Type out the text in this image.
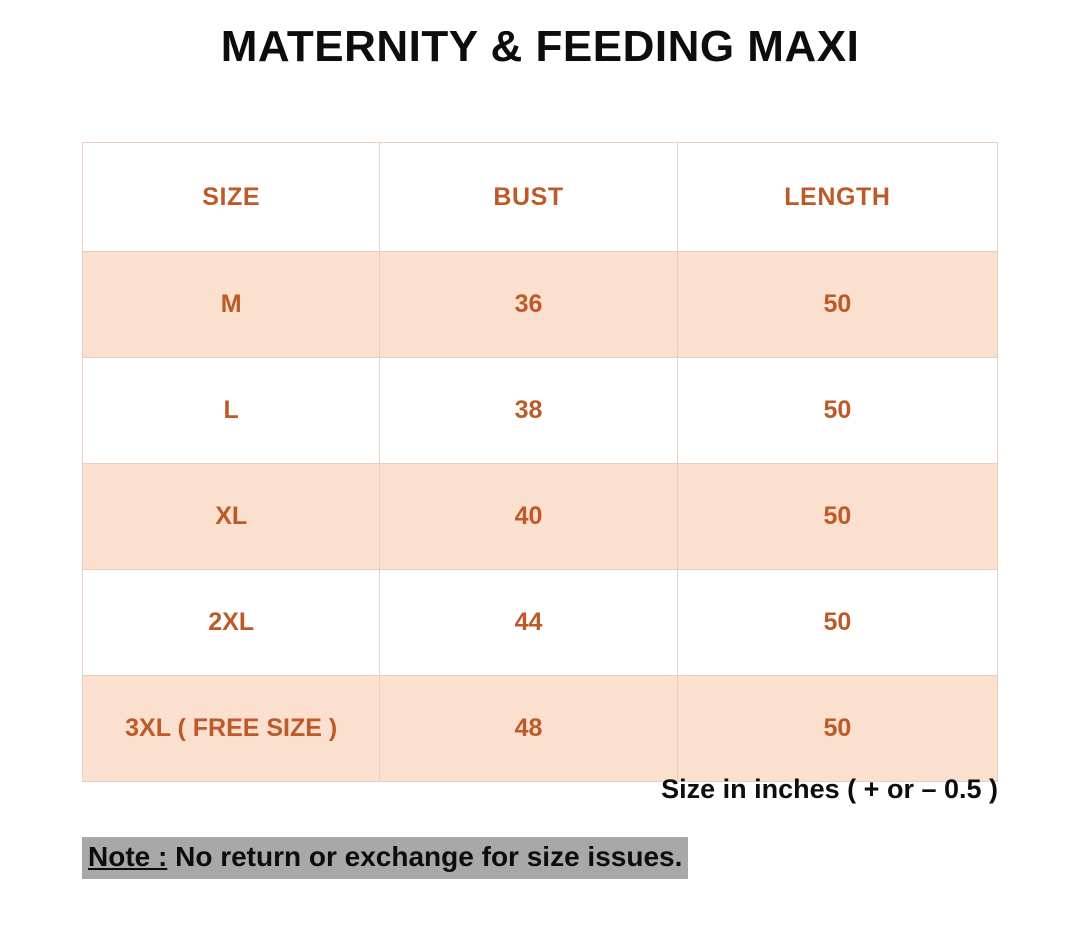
MATERNITY & FEEDING MAXI
SIZE	BUST	LENGTH
M	36	50
L	38	50
XL	40	50
2XL	44	50
3XL ( FREE SIZE )	48	50
Size in inches ( + or – 0.5 )
Note : No return or exchange for size issues.
